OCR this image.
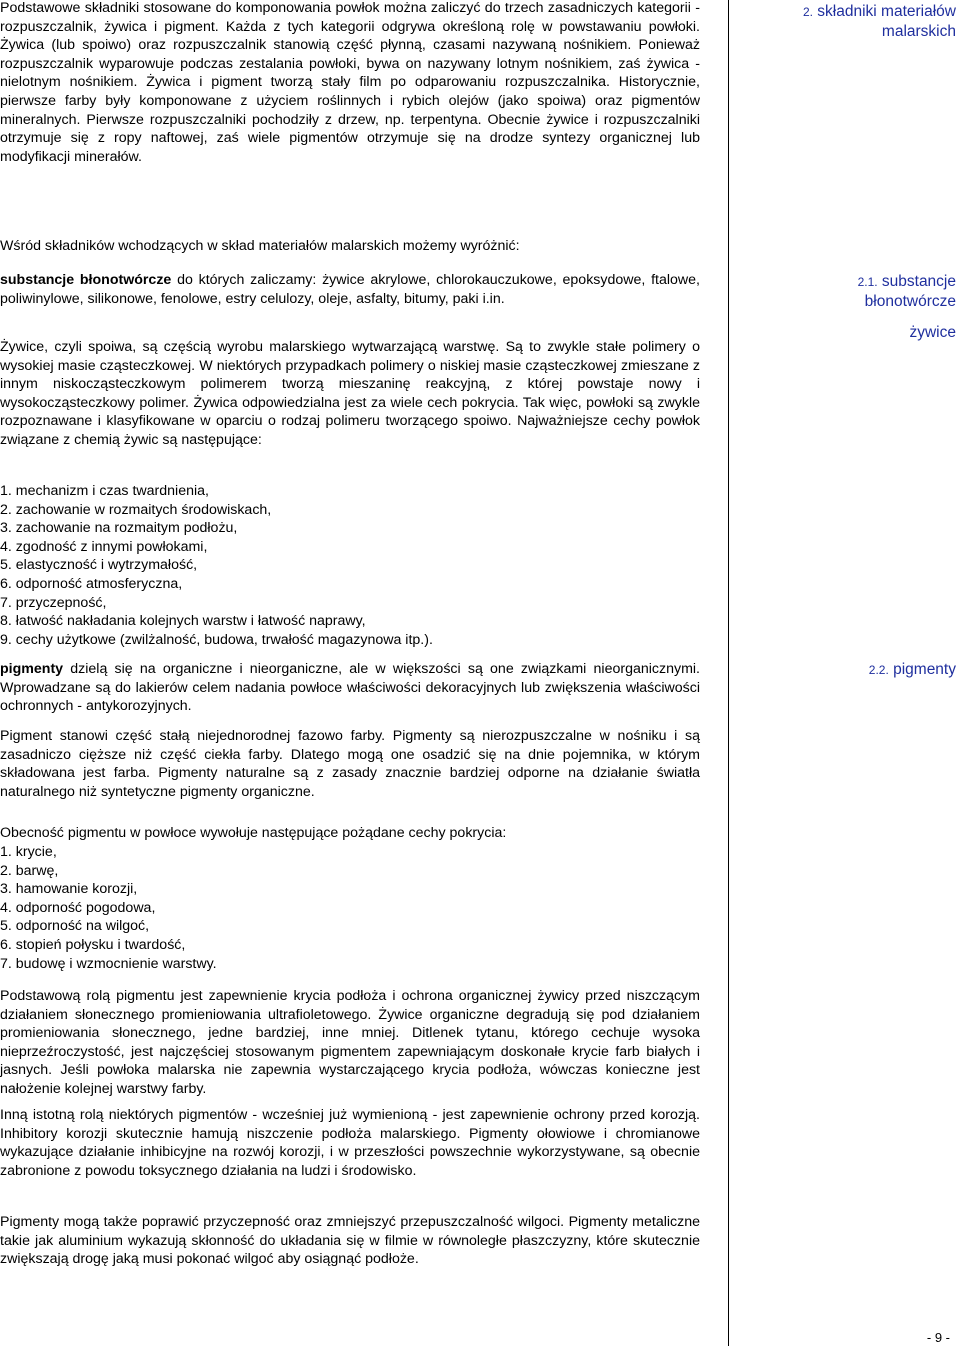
Podstawowe składniki stosowane do komponowania powłok można zaliczyć do trzech zasadniczych kategorii - rozpuszczalnik, żywica i pigment. Każda z tych kategorii odgrywa określoną rolę w powstawaniu powłoki. Żywica (lub spoiwo) oraz rozpuszczalnik stanowią część płynną, czasami nazywaną nośnikiem. Ponieważ rozpuszczalnik wyparowuje podczas zestalania powłoki, bywa on nazywany lotnym nośnikiem, zaś żywica - nielotnym nośnikiem. Żywica i pigment tworzą stały film po odparowaniu rozpuszczalnika. Historycznie, pierwsze farby były komponowane z użyciem roślinnych i rybich olejów (jako spoiwa) oraz pigmentów mineralnych. Pierwsze rozpuszczalniki pochodziły z drzew, np. terpentyna. Obecnie żywice i rozpuszczalniki otrzymuje się z ropy naftowej, zaś wiele pigmentów otrzymuje się na drodze syntezy organicznej lub modyfikacji minerałów.

Wśród składników wchodzących w skład materiałów malarskich możemy wyróżnić:

substancje błonotwórcze do których zaliczamy: żywice akrylowe, chlorokauczukowe, epoksydowe, ftalowe, poliwinylowe, silikonowe, fenolowe, estry celulozy, oleje, asfalty, bitumy, paki i.in.

Żywice, czyli spoiwa, są częścią wyrobu malarskiego wytwarzającą warstwę. Są to zwykle stałe polimery o wysokiej masie cząsteczkowej. W niektórych przypadkach polimery o niskiej masie cząsteczkowej zmieszane z innym niskocząsteczkowym polimerem tworzą mieszaninę reakcyjną, z której powstaje nowy i wysokocząsteczkowy polimer. Żywica odpowiedzialna jest za wiele cech pokrycia. Tak więc, powłoki są zwykle rozpoznawane i klasyfikowane w oparciu o rodzaj polimeru tworzącego spoiwo. Najważniejsze cechy powłok związane z chemią żywic są następujące:

1. mechanizm i czas twardnienia,
2. zachowanie w rozmaitych środowiskach,
3. zachowanie na rozmaitym podłożu,
4. zgodność z innymi powłokami,
5. elastyczność i wytrzymałość,
6. odporność atmosferyczna,
7. przyczepność,
8. łatwość nakładania kolejnych warstw i łatwość naprawy,
9. cechy użytkowe (zwilżalność, budowa, trwałość magazynowa itp.).

pigmenty dzielą się na organiczne i nieorganiczne, ale w większości są one związkami nieorganicznymi. Wprowadzane są do lakierów celem nadania powłoce właściwości dekoracyjnych lub zwiększenia właściwości ochronnych - antykorozyjnych.

Pigment stanowi część stałą niejednorodnej fazowo farby. Pigmenty są nierozpuszczalne w nośniku i są zasadniczo cięższe niż część ciekła farby. Dlatego mogą one osadzić się na dnie pojemnika, w którym składowana jest farba. Pigmenty naturalne są z zasady znacznie bardziej odporne na działanie światła naturalnego niż syntetyczne pigmenty organiczne.

Obecność pigmentu w powłoce wywołuje następujące pożądane cechy pokrycia:

1. krycie,
2. barwę,
3. hamowanie korozji,
4. odporność pogodowa,
5. odporność na wilgoć,
6. stopień połysku i twardość,
7. budowę i wzmocnienie warstwy.

Podstawową rolą pigmentu jest zapewnienie krycia podłoża i ochrona organicznej żywicy przed niszczącym działaniem słonecznego promieniowania ultrafioletowego. Żywice organiczne degradują się pod działaniem promieniowania słonecznego, jedne bardziej, inne mniej. Ditlenek tytanu, którego cechuje wysoka nieprzeźroczystość, jest najczęściej stosowanym pigmentem zapewniającym doskonałe krycie farb białych i jasnych. Jeśli powłoka malarska nie zapewnia wystarczającego krycia podłoża, wówczas konieczne jest nałożenie kolejnej warstwy farby.

Inną istotną rolą niektórych pigmentów - wcześniej już wymienioną - jest zapewnienie ochrony przed korozją. Inhibitory korozji skutecznie hamują niszczenie podłoża malarskiego. Pigmenty ołowiowe i chromianowe wykazujące działanie inhibicyjne na rozwój korozji, i w przeszłości powszechnie wykorzystywane, są obecnie zabronione z powodu toksycznego działania na ludzi i środowisko.

Pigmenty mogą także poprawić przyczepność oraz zmniejszyć przepuszczalność wilgoci. Pigmenty metaliczne takie jak aluminium wykazują skłonność do układania się w filmie w równoległe płaszczyzny, które skutecznie zwiększają drogę jaką musi pokonać wilgoć aby osiągnąć podłoże.

2. składniki materiałów malarskich
2.1. substancje błonotwórcze
żywice
2.2. pigmenty
- 9 -
